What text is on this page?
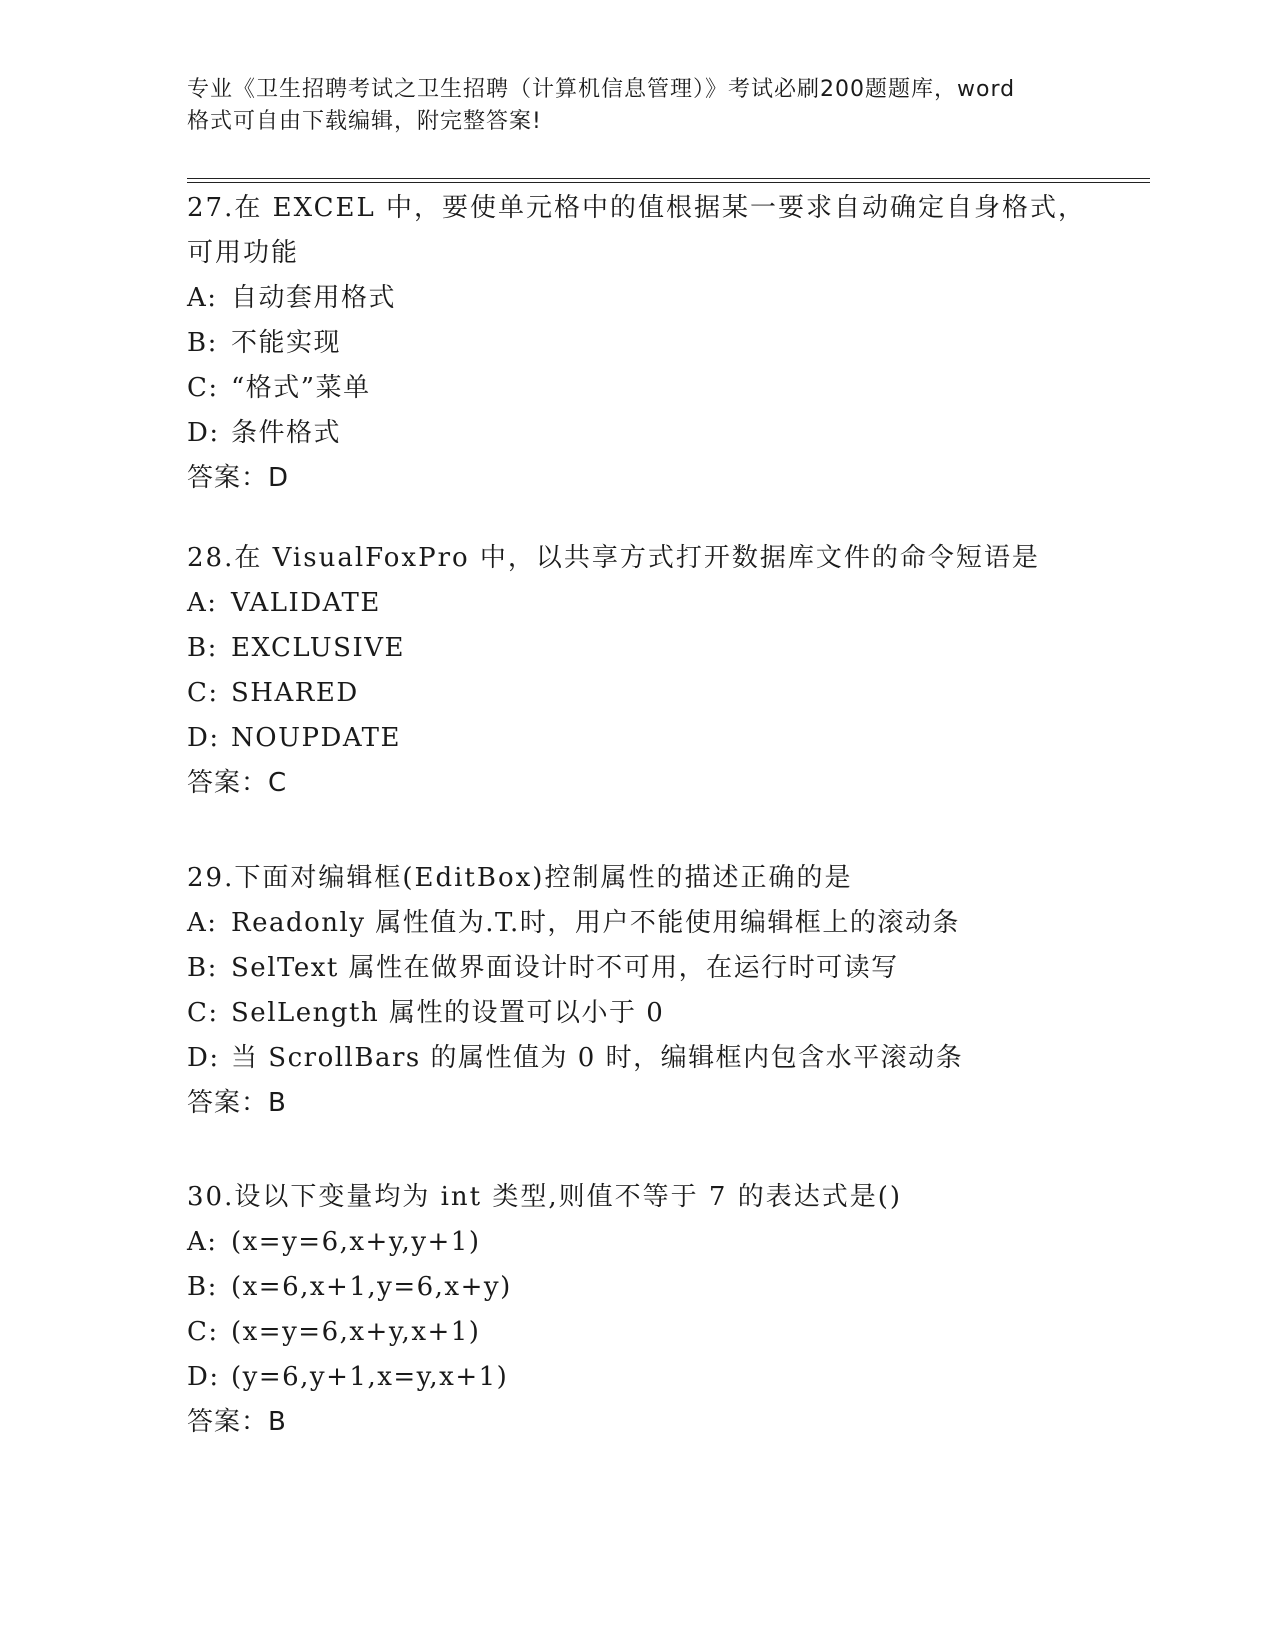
专业《卫生招聘考试之卫生招聘（计算机信息管理）》考试必刷200题题库，word
格式可自由下载编辑，附完整答案!
27.在 EXCEL 中，要使单元格中的值根据某一要求自动确定自身格式，
可用功能
A: 自动套用格式
B: 不能实现
C: “格式”菜单
D: 条件格式
答案：D
28.在 VisualFoxPro 中，以共享方式打开数据库文件的命令短语是
A: VALIDATE
B: EXCLUSIVE
C: SHARED
D: NOUPDATE
答案：C
29.下面对编辑框(EditBox)控制属性的描述正确的是
A: Readonly 属性值为.T.时，用户不能使用编辑框上的滚动条
B: SelText 属性在做界面设计时不可用，在运行时可读写
C: SelLength 属性的设置可以小于 0
D: 当 ScrollBars 的属性值为 0 时，编辑框内包含水平滚动条
答案：B
30.设以下变量均为 int 类型,则值不等于 7 的表达式是()
A: (x=y=6,x+y,y+1)
B: (x=6,x+1,y=6,x+y)
C: (x=y=6,x+y,x+1)
D: (y=6,y+1,x=y,x+1)
答案：B
